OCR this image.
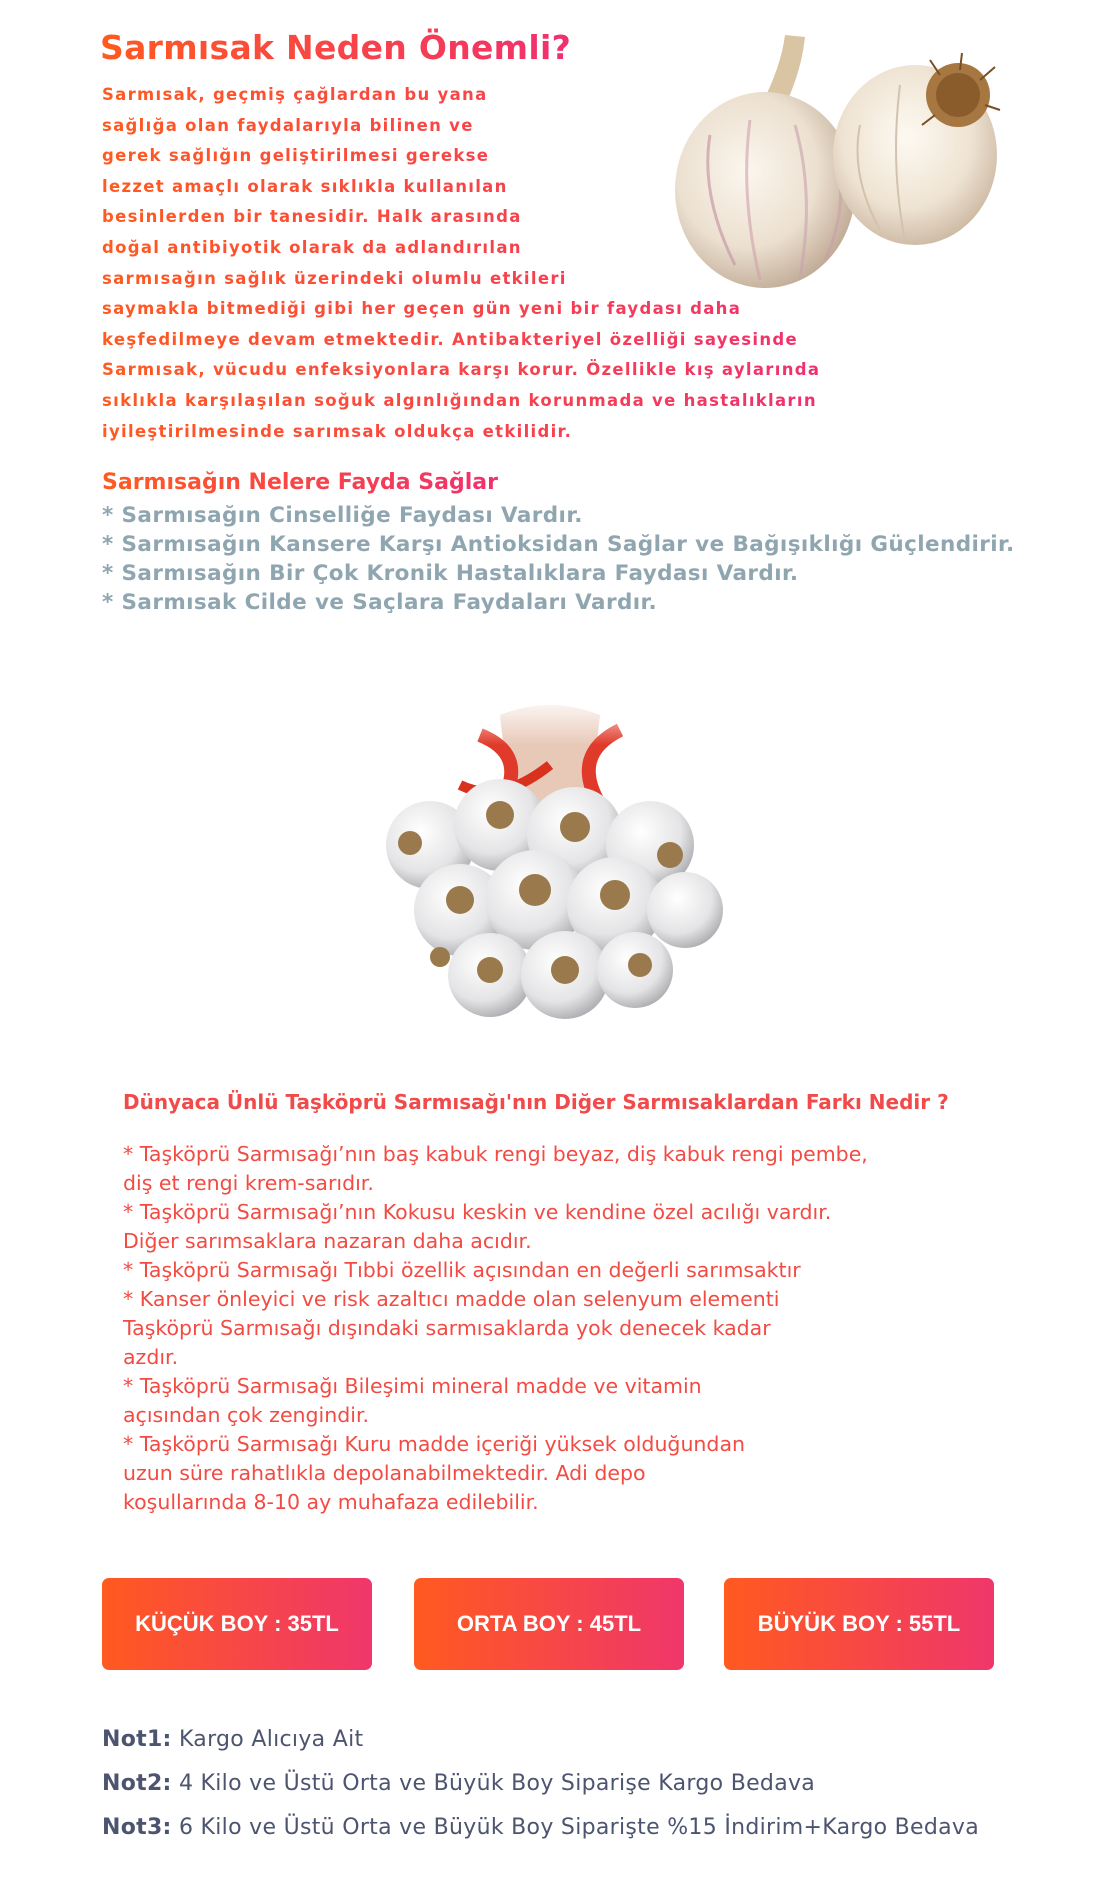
Sarmısak Neden Önemli?
Sarmısak, geçmiş çağlardan bu yana
sağlığa olan faydalarıyla bilinen ve
gerek sağlığın geliştirilmesi gerekse
lezzet amaçlı olarak sıklıkla kullanılan
besinlerden bir tanesidir. Halk arasında
doğal antibiyotik olarak da adlandırılan
sarmısağın sağlık üzerindeki olumlu etkileri
saymakla bitmediği gibi her geçen gün yeni bir faydası daha
keşfedilmeye devam etmektedir. Antibakteriyel özelliği sayesinde
Sarmısak, vücudu enfeksiyonlara karşı korur. Özellikle kış aylarında
sıklıkla karşılaşılan soğuk algınlığından korunmada ve hastalıkların
iyileştirilmesinde sarımsak oldukça etkilidir.
Sarmısağın Nelere Fayda Sağlar
* Sarmısağın Cinselliğe Faydası Vardır.
* Sarmısağın Kansere Karşı Antioksidan Sağlar ve Bağışıklığı Güçlendirir.
* Sarmısağın Bir Çok Kronik Hastalıklara Faydası Vardır.
* Sarmısak Cilde ve Saçlara Faydaları Vardır.
Dünyaca Ünlü Taşköprü Sarmısağı'nın Diğer Sarmısaklardan Farkı Nedir ?
* Taşköprü Sarmısağı’nın baş kabuk rengi beyaz, diş kabuk rengi pembe,
diş et rengi krem-sarıdır.
* Taşköprü Sarmısağı’nın Kokusu keskin ve kendine özel acılığı vardır.
Diğer sarımsaklara nazaran daha acıdır.
* Taşköprü Sarmısağı Tıbbi özellik açısından en değerli sarımsaktır
* Kanser önleyici ve risk azaltıcı madde olan selenyum elementi
Taşköprü Sarmısağı dışındaki sarmısaklarda yok denecek kadar
azdır.
* Taşköprü Sarmısağı Bileşimi mineral madde ve vitamin
açısından çok zengindir.
* Taşköprü Sarmısağı Kuru madde içeriği yüksek olduğundan
uzun süre rahatlıkla depolanabilmektedir. Adi depo
koşullarında 8-10 ay muhafaza edilebilir.
KÜÇÜK BOY : 35TL	ORTA BOY : 45TL	BÜYÜK BOY : 55TL
Not1: Kargo Alıcıya Ait
Not2: 4 Kilo ve Üstü Orta ve Büyük Boy Siparişe Kargo Bedava
Not3: 6 Kilo ve Üstü Orta ve Büyük Boy Siparişte %15 İndirim+Kargo Bedava
